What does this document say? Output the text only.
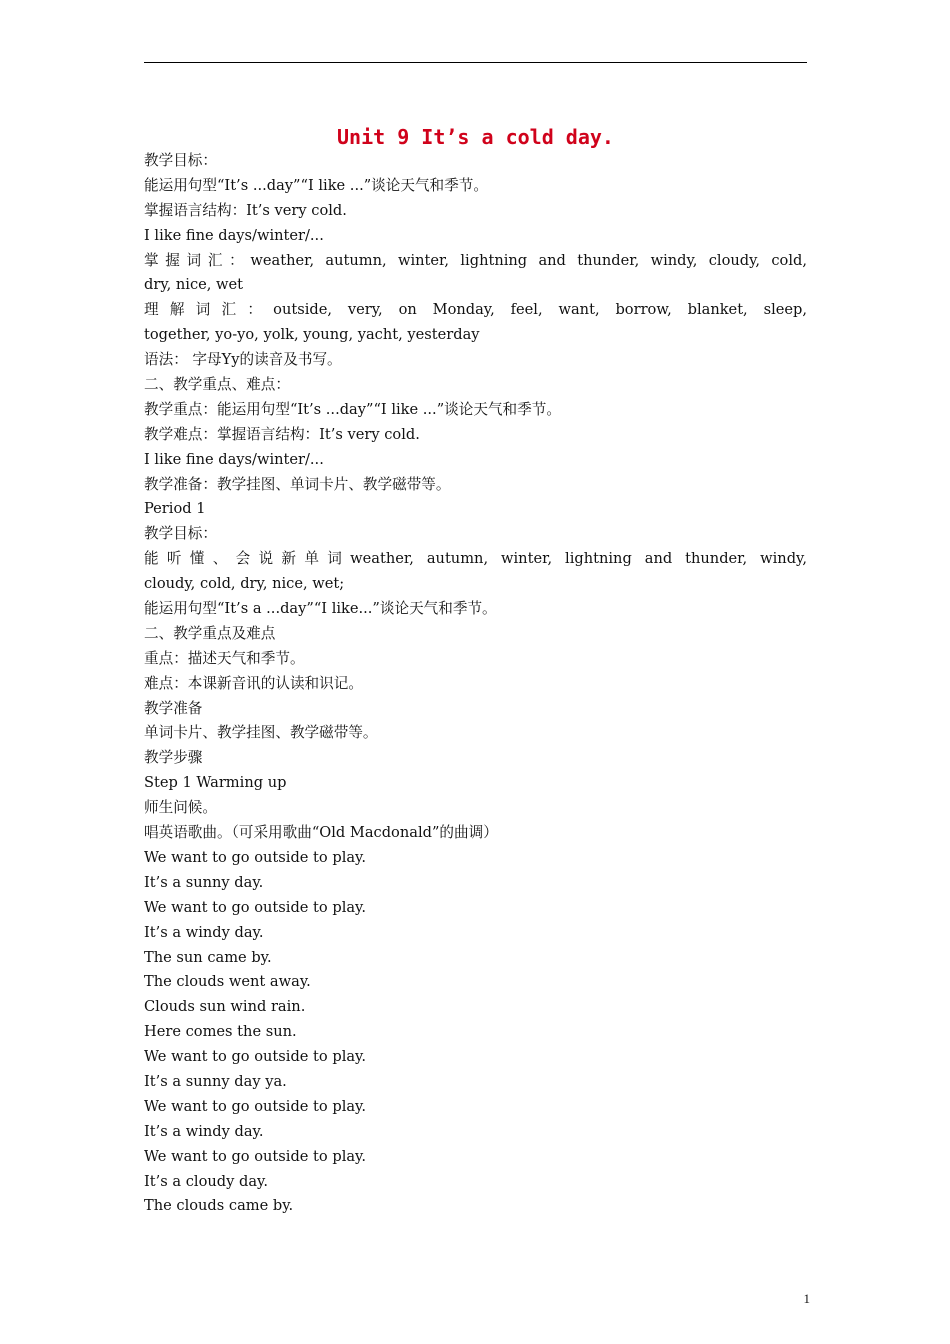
Unit 9 It’s a cold day.
教学目标：
能运用句型“It’s ...day”“I like ...”谈论天气和季节。
掌握语言结构：It’s very cold.
I like fine days/winter/...
掌握词汇：weather, autumn, winter, lightning and thunder, windy, cloudy, cold,
dry, nice, wet
理解词汇：outside, very, on Monday, feel, want, borrow, blanket, sleep,
together, yo-yo, yolk, young, yacht, yesterday
语法： 字母Yy的读音及书写。
二、教学重点、难点：
教学重点：能运用句型“It’s ...day”“I like ...”谈论天气和季节。
教学难点：掌握语言结构：It’s very cold.
I like fine days/winter/...
教学准备：教学挂图、单词卡片、教学磁带等。
Period 1
教学目标：
能听懂、会说新单词weather, autumn, winter, lightning and thunder, windy,
cloudy, cold, dry, nice, wet;
能运用句型“It’s a ...day”“I like...”谈论天气和季节。
二、教学重点及难点
重点：描述天气和季节。
难点：本课新音讯的认读和识记。
教学准备
单词卡片、教学挂图、教学磁带等。
教学步骤
Step 1 Warming up
师生问候。
唱英语歌曲。（可采用歌曲“Old Macdonald”的曲调）
We want to go outside to play.
It’s a sunny day.
We want to go outside to play.
It’s a windy day.
The sun came by.
The clouds went away.
Clouds sun wind rain.
Here comes the sun.
We want to go outside to play.
It’s a sunny day ya.
We want to go outside to play.
It’s a windy day.
We want to go outside to play.
It’s a cloudy day.
The clouds came by.
1
